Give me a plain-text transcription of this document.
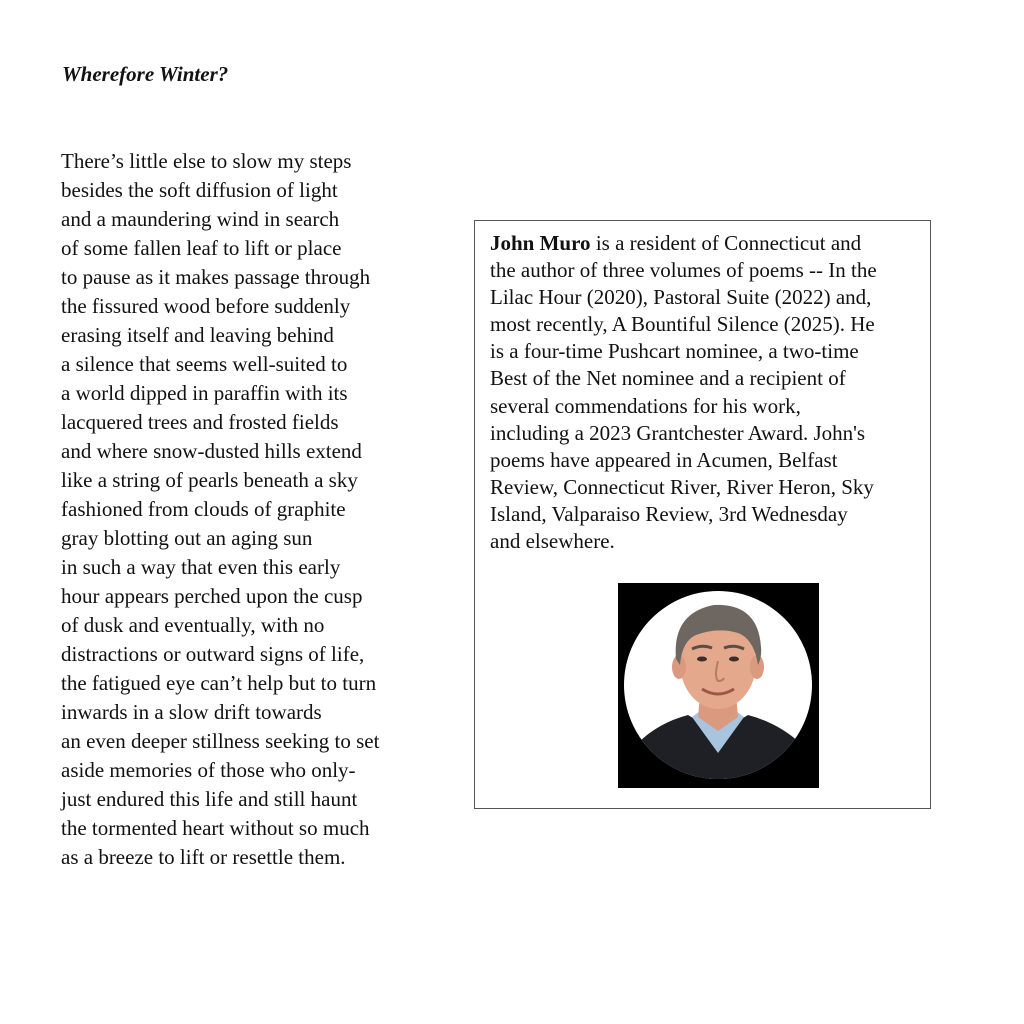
Wherefore Winter?
There’s little else to slow my steps
besides the soft diffusion of light
and a maundering wind in search
of some fallen leaf to lift or place
to pause as it makes passage through
the fissured wood before suddenly
erasing itself and leaving behind
a silence that seems well-suited to
a world dipped in paraffin with its
lacquered trees and frosted fields
and where snow-dusted hills extend
like a string of pearls beneath a sky
fashioned from clouds of graphite
gray blotting out an aging sun
in such a way that even this early
hour appears perched upon the cusp
of dusk and eventually, with no
distractions or outward signs of life,
the fatigued eye can’t help but to turn
inwards in a slow drift towards
an even deeper stillness seeking to set
aside memories of those who only-
just endured this life and still haunt
the tormented heart without so much
as a breeze to lift or resettle them.
John Muro is a resident of Connecticut and
the author of three volumes of poems -- In the
Lilac Hour (2020), Pastoral Suite (2022) and,
most recently, A Bountiful Silence (2025). He
is a four-time Pushcart nominee, a two-time
Best of the Net nominee and a recipient of
several commendations for his work,
including a 2023 Grantchester Award. John's
poems have appeared in Acumen, Belfast
Review, Connecticut River, River Heron, Sky
Island, Valparaiso Review, 3rd Wednesday
and elsewhere.
